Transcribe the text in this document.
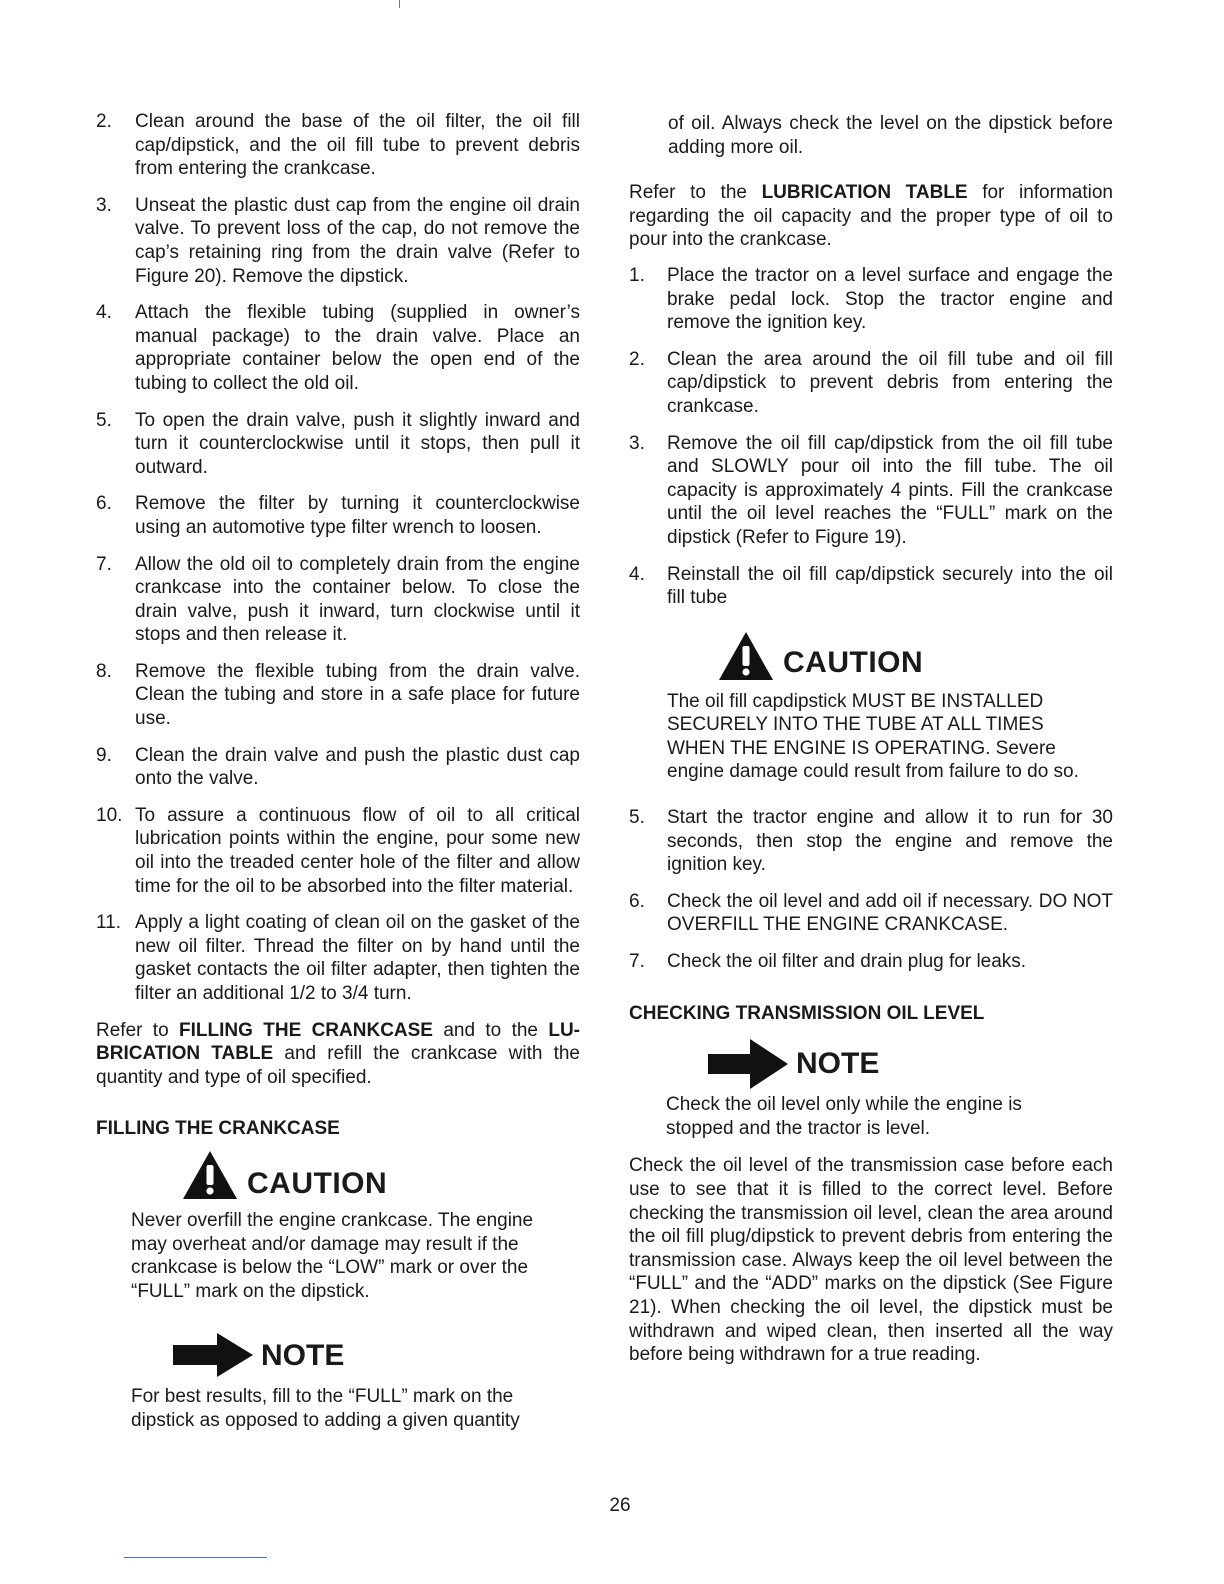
2. Clean around the base of the oil filter, the oil fill cap/dipstick, and the oil fill tube to prevent debris from entering the crankcase.
3. Unseat the plastic dust cap from the engine oil drain valve. To prevent loss of the cap, do not remove the cap’s retaining ring from the drain valve (Refer to Figure 20). Remove the dipstick.
4. Attach the flexible tubing (supplied in owner’s manual package) to the drain valve. Place an appropriate container below the open end of the tubing to collect the old oil.
5. To open the drain valve, push it slightly inward and turn it counterclockwise until it stops, then pull it outward.
6. Remove the filter by turning it counterclockwise using an automotive type filter wrench to loosen.
7. Allow the old oil to completely drain from the engine crankcase into the container below. To close the drain valve, push it inward, turn clockwise until it stops and then release it.
8. Remove the flexible tubing from the drain valve. Clean the tubing and store in a safe place for future use.
9. Clean the drain valve and push the plastic dust cap onto the valve.
10. To assure a continuous flow of oil to all critical lubrication points within the engine, pour some new oil into the treaded center hole of the filter and allow time for the oil to be absorbed into the filter material.
11. Apply a light coating of clean oil on the gasket of the new oil filter. Thread the filter on by hand until the gasket contacts the oil filter adapter, then tighten the filter an additional 1/2 to 3/4 turn.

Refer to FILLING THE CRANKCASE and to the LU-BRICATION TABLE and refill the crankcase with the quantity and type of oil specified.

FILLING THE CRANKCASE

CAUTION
Never overfill the engine crankcase. The engine may overheat and/or damage may result if the crankcase is below the “LOW” mark or over the “FULL” mark on the dipstick.
NOTE
For best results, fill to the “FULL” mark on the dipstick as opposed to adding a given quantity
of oil. Always check the level on the dipstick before adding more oil.

Refer to the LUBRICATION TABLE for information regarding the oil capacity and the proper type of oil to pour into the crankcase.

1. Place the tractor on a level surface and engage the brake pedal lock. Stop the tractor engine and remove the ignition key.
2. Clean the area around the oil fill tube and oil fill cap/dipstick to prevent debris from entering the crankcase.
3. Remove the oil fill cap/dipstick from the oil fill tube and SLOWLY pour oil into the fill tube. The oil capacity is approximately 4 pints. Fill the crankcase until the oil level reaches the “FULL” mark on the dipstick (Refer to Figure 19).
4. Reinstall the oil fill cap/dipstick securely into the oil fill tube
CAUTION
The oil fill capdipstick MUST BE INSTALLED SECURELY INTO THE TUBE AT ALL TIMES WHEN THE ENGINE IS OPERATING. Severe engine damage could result from failure to do so.
5. Start the tractor engine and allow it to run for 30 seconds, then stop the engine and remove the ignition key.
6. Check the oil level and add oil if necessary. DO NOT OVERFILL THE ENGINE CRANKCASE.
7. Check the oil filter and drain plug for leaks.

CHECKING TRANSMISSION OIL LEVEL

NOTE
Check the oil level only while the engine is stopped and the tractor is level.

Check the oil level of the transmission case before each use to see that it is filled to the correct level. Before checking the transmission oil level, clean the area around the oil fill plug/dipstick to prevent debris from entering the transmission case. Always keep the oil level between the “FULL” and the “ADD” marks on the dipstick (See Figure 21). When checking the oil level, the dipstick must be withdrawn and wiped clean, then inserted all the way before being withdrawn for a true reading.

26
